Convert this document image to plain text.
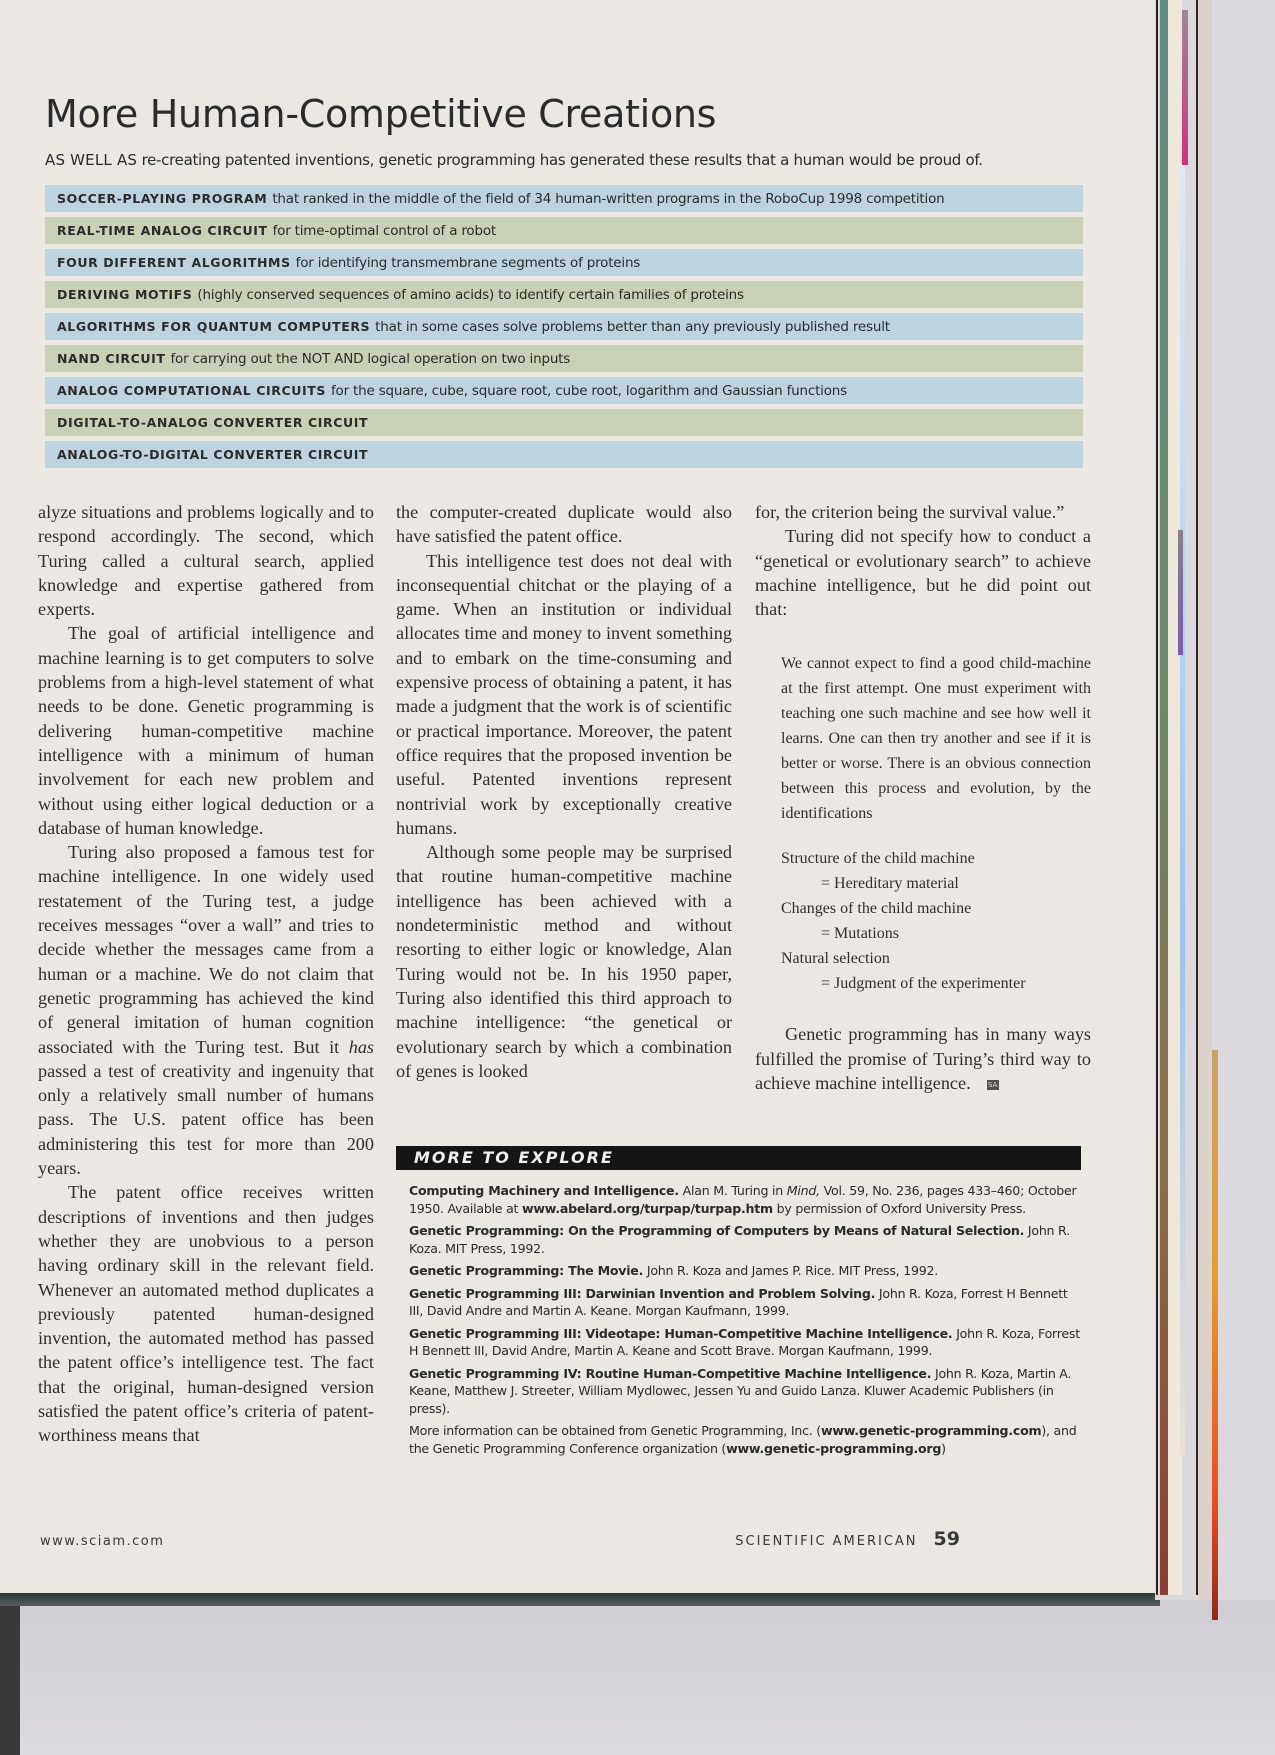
More Human-Competitive Creations
AS WELL AS re-creating patented inventions, genetic programming has generated these results that a human would be proud of.
SOCCER-PLAYING PROGRAM that ranked in the middle of the field of 34 human-written programs in the RoboCup 1998 competition
REAL-TIME ANALOG CIRCUIT for time-optimal control of a robot
FOUR DIFFERENT ALGORITHMS for identifying transmembrane segments of proteins
DERIVING MOTIFS (highly conserved sequences of amino acids) to identify certain families of proteins
ALGORITHMS FOR QUANTUM COMPUTERS that in some cases solve problems better than any previously published result
NAND CIRCUIT for carrying out the NOT AND logical operation on two inputs
ANALOG COMPUTATIONAL CIRCUITS for the square, cube, square root, cube root, logarithm and Gaussian functions
DIGITAL-TO-ANALOG CONVERTER CIRCUIT
ANALOG-TO-DIGITAL CONVERTER CIRCUIT

alyze situations and problems logically and to respond accordingly. The second, which Turing called a cultural search, applied knowledge and expertise gathered from experts.

The goal of artificial intelligence and machine learning is to get computers to solve problems from a high-level statement of what needs to be done. Genetic programming is delivering human-competitive machine intelligence with a minimum of human involvement for each new problem and without using either logical deduction or a database of human knowledge.

Turing also proposed a famous test for machine intelligence. In one widely used restatement of the Turing test, a judge receives messages “over a wall” and tries to decide whether the messages came from a human or a machine. We do not claim that genetic programming has achieved the kind of general imitation of human cognition associated with the Turing test. But it has passed a test of creativity and ingenuity that only a relatively small number of humans pass. The U.S. patent office has been administering this test for more than 200 years.

The patent office receives written descriptions of inventions and then judges whether they are unobvious to a person having ordinary skill in the relevant field. Whenever an automated method duplicates a previously patented human-designed invention, the automated method has passed the patent office’s intelligence test. The fact that the original, human-designed version satisfied the patent office’s criteria of patent-worthiness means that

the computer-created duplicate would also have satisfied the patent office.

This intelligence test does not deal with inconsequential chitchat or the playing of a game. When an institution or individual allocates time and money to invent something and to embark on the time-consuming and expensive process of obtaining a patent, it has made a judgment that the work is of scientific or practical importance. Moreover, the patent office requires that the proposed invention be useful. Patented inventions represent nontrivial work by exceptionally creative humans.

Although some people may be surprised that routine human-competitive machine intelligence has been achieved with a nondeterministic method and without resorting to either logic or knowledge, Alan Turing would not be. In his 1950 paper, Turing also identified this third approach to machine intelligence: “the genetical or evolutionary search by which a combination of genes is looked

for, the criterion being the survival value.”

Turing did not specify how to conduct a “genetical or evolutionary search” to achieve machine intelligence, but he did point out that:

We cannot expect to find a good child-machine at the first attempt. One must experiment with teaching one such machine and see how well it learns. One can then try another and see if it is better or worse. There is an obvious connection between this process and evolution, by the identifications

Structure of the child machine
= Hereditary material
Changes of the child machine
= Mutations
Natural selection
= Judgment of the experimenter

Genetic programming has in many ways fulfilled the promise of Turing’s third way to achieve machine intelligence. SA

MORE TO EXPLORE
Computing Machinery and Intelligence. Alan M. Turing in Mind, Vol. 59, No. 236, pages 433–460; October 1950. Available at www.abelard.org/turpap/turpap.htm by permission of Oxford University Press.
Genetic Programming: On the Programming of Computers by Means of Natural Selection. John R. Koza. MIT Press, 1992.
Genetic Programming: The Movie. John R. Koza and James P. Rice. MIT Press, 1992.
Genetic Programming III: Darwinian Invention and Problem Solving. John R. Koza, Forrest H Bennett III, David Andre and Martin A. Keane. Morgan Kaufmann, 1999.
Genetic Programming III: Videotape: Human-Competitive Machine Intelligence. John R. Koza, Forrest H Bennett III, David Andre, Martin A. Keane and Scott Brave. Morgan Kaufmann, 1999.
Genetic Programming IV: Routine Human-Competitive Machine Intelligence. John R. Koza, Martin A. Keane, Matthew J. Streeter, William Mydlowec, Jessen Yu and Guido Lanza. Kluwer Academic Publishers (in press).
More information can be obtained from Genetic Programming, Inc. (www.genetic-programming.com), and the Genetic Programming Conference organization (www.genetic-programming.org)
www.sciam.com	SCIENTIFIC AMERICAN 59
